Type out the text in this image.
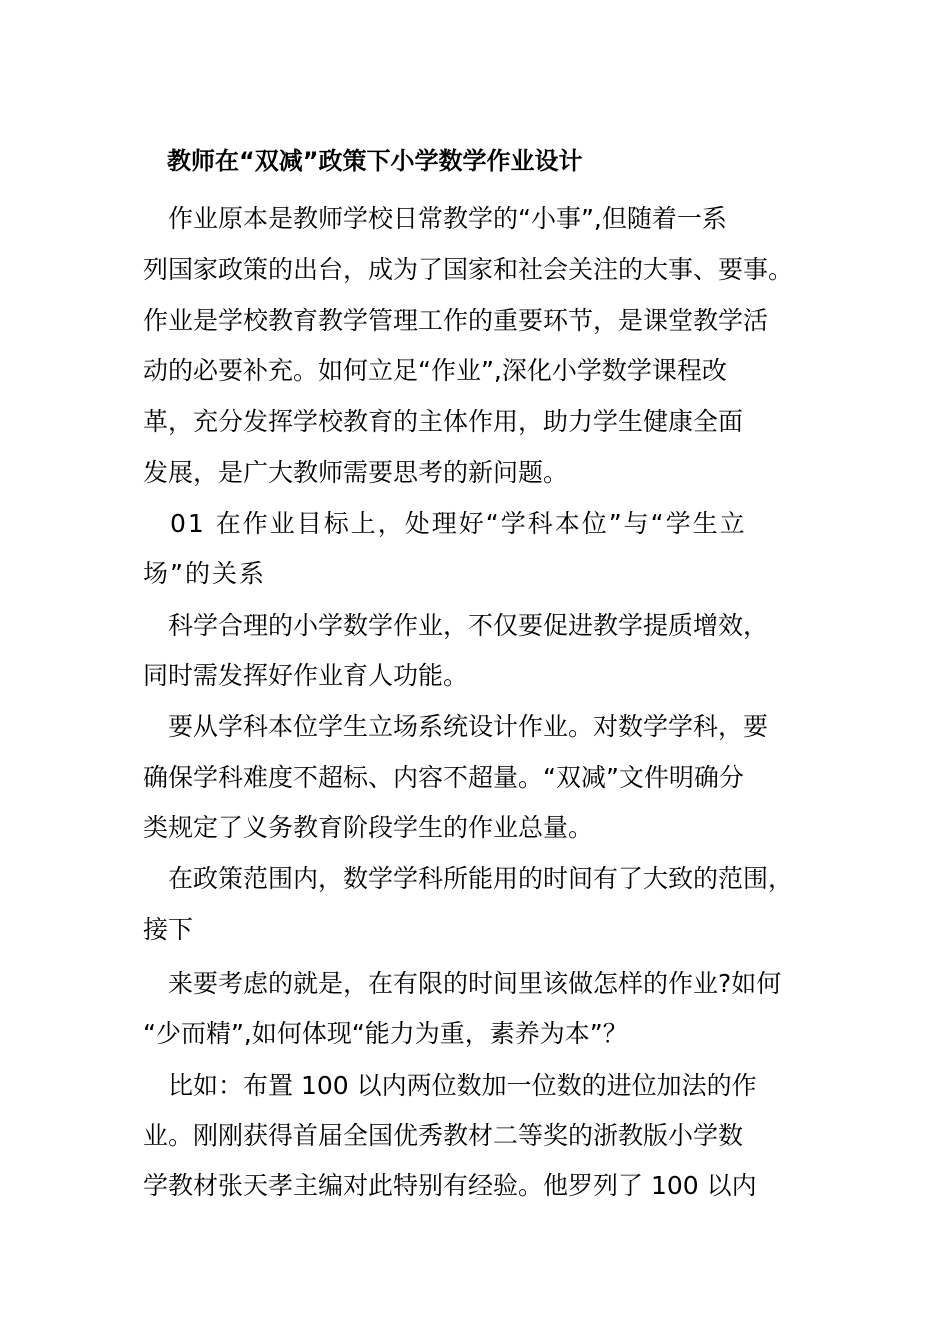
　教师在“双减”政策下小学数学作业设计
　作业原本是教师学校日常教学的“小事”,但随着一系
列国家政策的出台，成为了国家和社会关注的大事、要事。
作业是学校教育教学管理工作的重要环节，是课堂教学活
动的必要补充。如何立足“作业”,深化小学数学课程改
革，充分发挥学校教育的主体作用，助力学生健康全面
发展，是广大教师需要思考的新问题。
　01 在作业目标上，处理好“学科本位”与“学生立
场”的关系
　科学合理的小学数学作业，不仅要促进教学提质增效，
同时需发挥好作业育人功能。
　要从学科本位学生立场系统设计作业。对数学学科，要
确保学科难度不超标、内容不超量。“双减”文件明确分
类规定了义务教育阶段学生的作业总量。
　在政策范围内，数学学科所能用的时间有了大致的范围，
接下
　来要考虑的就是，在有限的时间里该做怎样的作业?如何
“少而精”,如何体现“能力为重，素养为本”？
　比如：布置 100 以内两位数加一位数的进位加法的作
业。刚刚获得首届全国优秀教材二等奖的浙教版小学数
学教材张天孝主编对此特别有经验。他罗列了 100 以内
